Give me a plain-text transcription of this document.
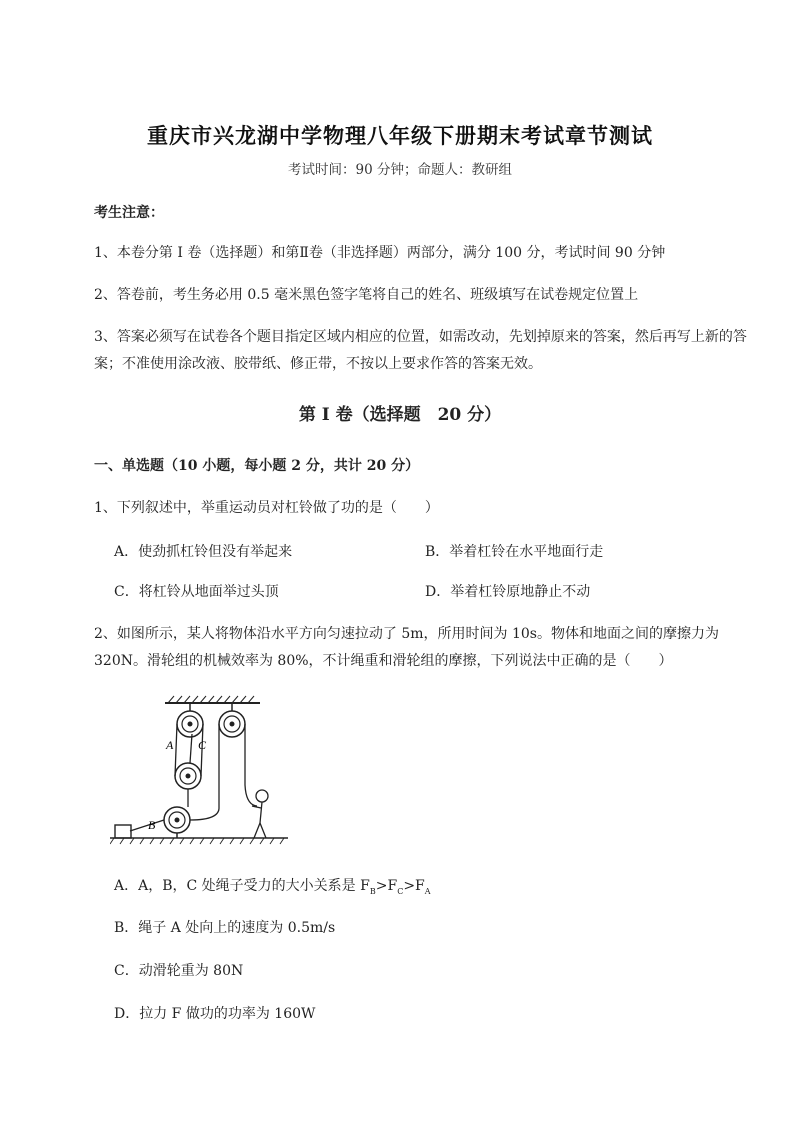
重庆市兴龙湖中学物理八年级下册期末考试章节测试
考试时间：90 分钟；命题人：教研组
考生注意：
1、本卷分第 I 卷（选择题）和第Ⅱ卷（非选择题）两部分，满分 100 分，考试时间 90 分钟
2、答卷前，考生务必用 0.5 毫米黑色签字笔将自己的姓名、班级填写在试卷规定位置上
3、答案必须写在试卷各个题目指定区域内相应的位置，如需改动，先划掉原来的答案，然后再写上新的答案；不准使用涂改液、胶带纸、修正带，不按以上要求作答的答案无效。
第 I 卷（选择题　20 分）
一、单选题（10 小题，每小题 2 分，共计 20 分）
1、下列叙述中，举重运动员对杠铃做了功的是（　　）
A．使劲抓杠铃但没有举起来	B．举着杠铃在水平地面行走
C．将杠铃从地面举过头顶	D．举着杠铃原地静止不动
2、如图所示，某人将物体沿水平方向匀速拉动了 5m，所用时间为 10s。物体和地面之间的摩擦力为 320N。滑轮组的机械效率为 80%，不计绳重和滑轮组的摩擦，下列说法中正确的是（　　）
A C
B
A．A，B，C 处绳子受力的大小关系是 $F_B>F_C>F_A$
B．绳子 A 处向上的速度为 0.5m/s
C．动滑轮重为 80N
D．拉力 F 做功的功率为 160W
